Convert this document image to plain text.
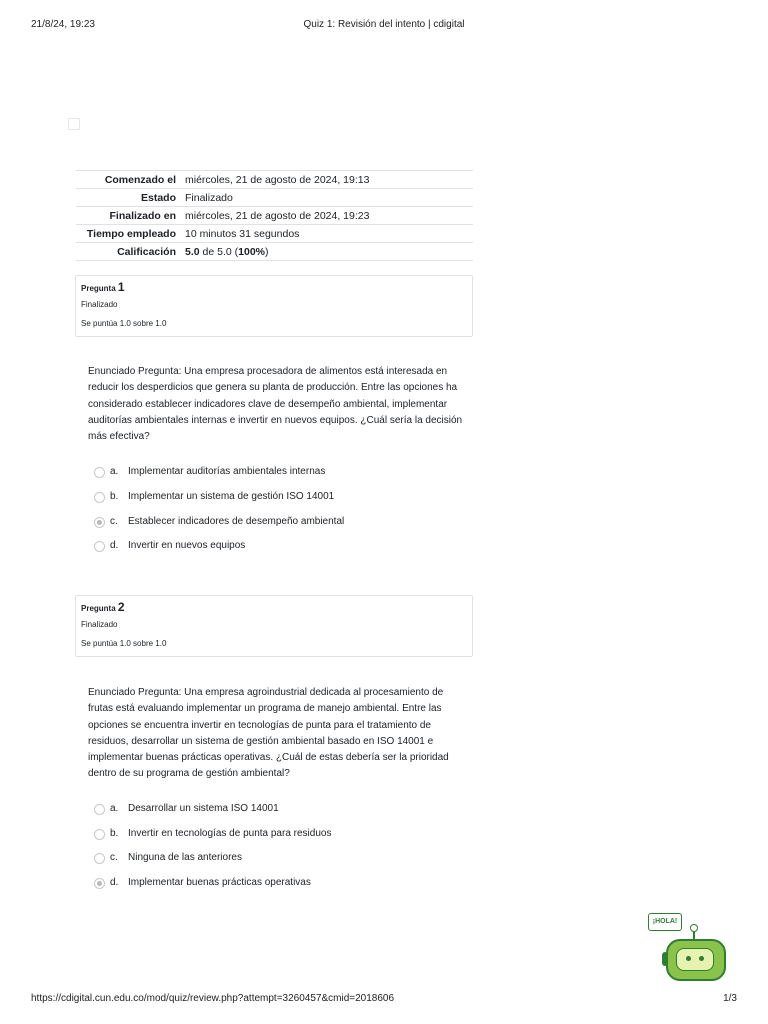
21/8/24, 19:23	Quiz 1: Revisión del intento | cdigital
Comenzado el	miércoles, 21 de agosto de 2024, 19:13
Estado	Finalizado
Finalizado en	miércoles, 21 de agosto de 2024, 19:23
Tiempo empleado	10 minutos 31 segundos
Calificación	5.0 de 5.0 (100%)
Pregunta 1
Finalizado
Se puntúa 1.0 sobre 1.0
Enunciado Pregunta: Una empresa procesadora de alimentos está interesada en reducir los desperdicios que genera su planta de producción. Entre las opciones ha considerado establecer indicadores clave de desempeño ambiental, implementar auditorías ambientales internas e invertir en nuevos equipos. ¿Cuál sería la decisión más efectiva?
a. Implementar auditorías ambientales internas
b. Implementar un sistema de gestión ISO 14001
c. Establecer indicadores de desempeño ambiental
d. Invertir en nuevos equipos
Pregunta 2
Finalizado
Se puntúa 1.0 sobre 1.0
Enunciado Pregunta: Una empresa agroindustrial dedicada al procesamiento de frutas está evaluando implementar un programa de manejo ambiental. Entre las opciones se encuentra invertir en tecnologías de punta para el tratamiento de residuos, desarrollar un sistema de gestión ambiental basado en ISO 14001 e implementar buenas prácticas operativas. ¿Cuál de estas debería ser la prioridad dentro de su programa de gestión ambiental?
a. Desarrollar un sistema ISO 14001
b. Invertir en tecnologías de punta para residuos
c. Ninguna de las anteriores
d. Implementar buenas prácticas operativas
¡HOLA!
https://cdigital.cun.edu.co/mod/quiz/review.php?attempt=3260457&cmid=2018606	1/3
